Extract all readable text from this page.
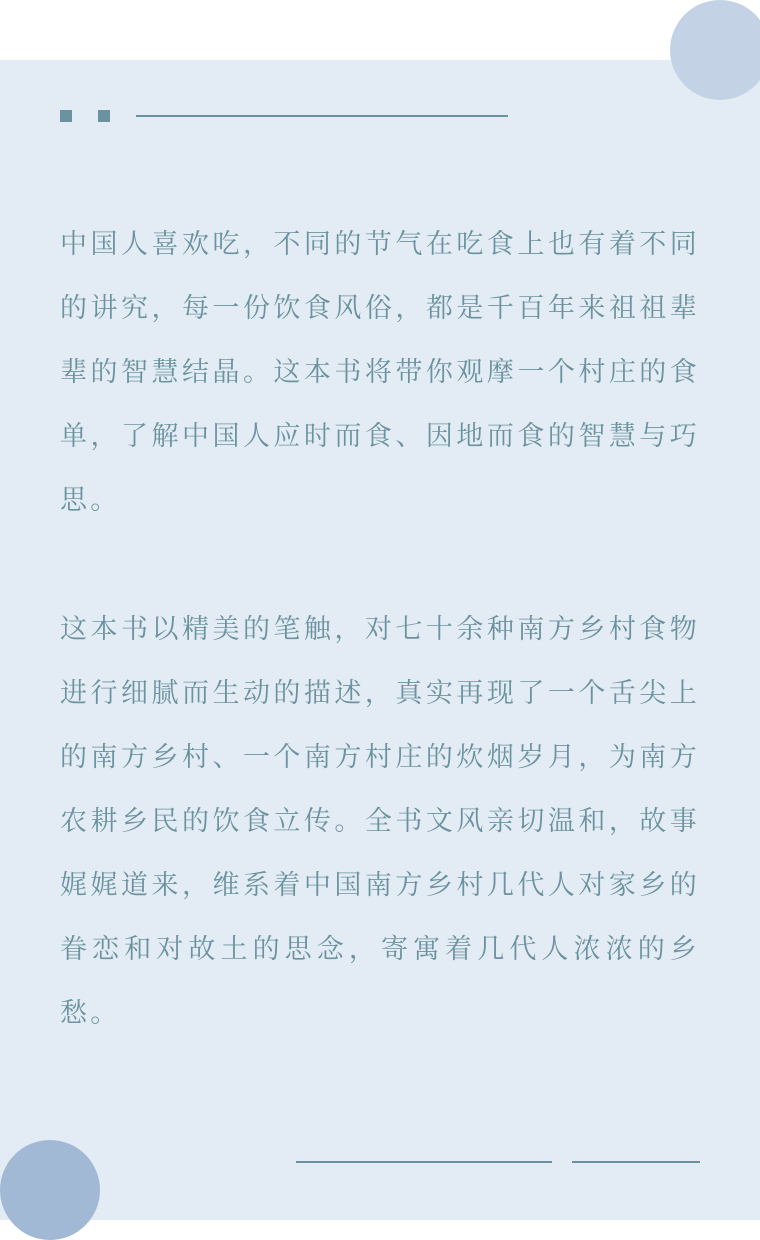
中国人喜欢吃，不同的节气在吃食上也有着不同的讲究，每一份饮食风俗，都是千百年来祖祖辈辈的智慧结晶。这本书将带你观摩一个村庄的食单，了解中国人应时而食、因地而食的智慧与巧思。

这本书以精美的笔触，对七十余种南方乡村食物进行细腻而生动的描述，真实再现了一个舌尖上的南方乡村、一个南方村庄的炊烟岁月，为南方农耕乡民的饮食立传。全书文风亲切温和，故事娓娓道来，维系着中国南方乡村几代人对家乡的眷恋和对故土的思念，寄寓着几代人浓浓的乡愁。
